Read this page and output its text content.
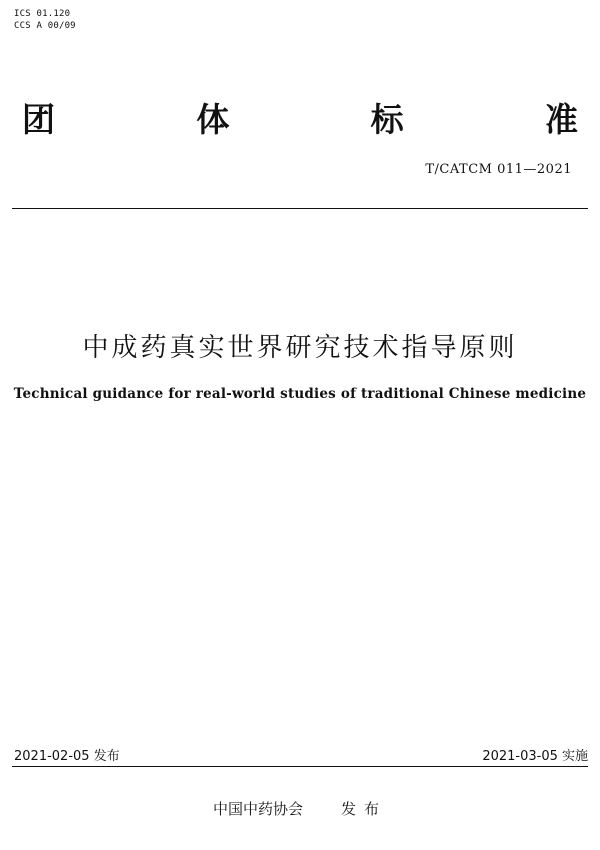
ICS 01.120
CCS A 00/09
团	体	标	准
T/CATCM 011—2021
中成药真实世界研究技术指导原则
Technical guidance for real-world studies of traditional Chinese medicine
2021-02-05 发布	2021-03-05 实施
中国中药协会	发布
